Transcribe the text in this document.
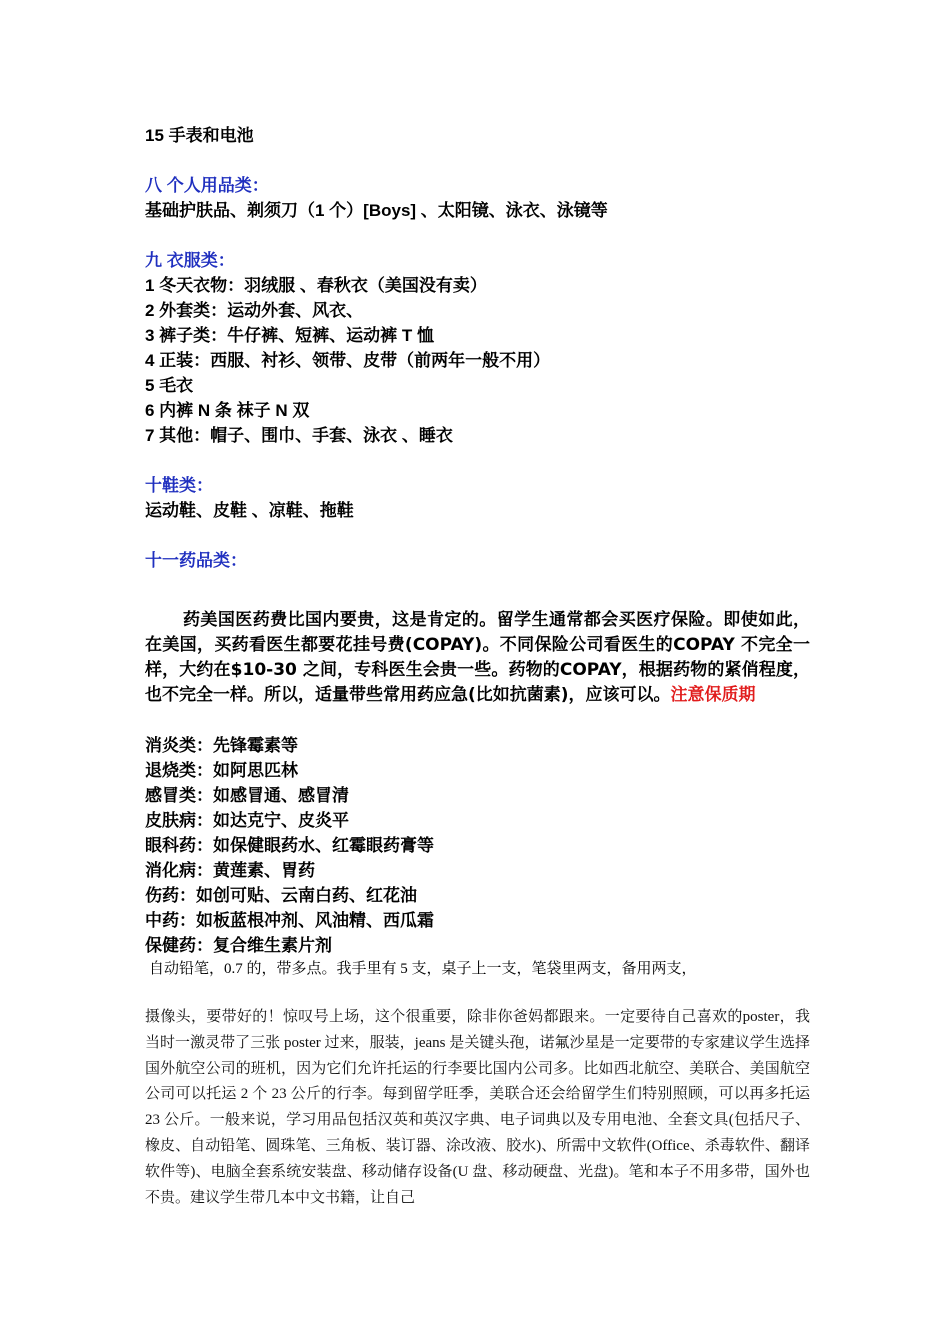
15 手表和电池
八 个人用品类：
基础护肤品、剃须刀（1 个）[Boys] 、太阳镜、泳衣、泳镜等
九 衣服类：
1 冬天衣物：羽绒服 、春秋衣（美国没有卖）
2 外套类：运动外套、风衣、
3 裤子类：牛仔裤、短裤、运动裤 T 恤
4 正装：西服、衬衫、领带、皮带（前两年一般不用）
5 毛衣
6 内裤 N 条 袜子 N 双
7 其他：帽子、围巾、手套、泳衣 、睡衣
十鞋类：
运动鞋、皮鞋 、凉鞋、拖鞋
十一药品类：

药美国医药费比国内要贵，这是肯定的。留学生通常都会买医疗保险。即使如此，在美国，买药看医生都要花挂号费(COPAY)。不同保险公司看医生的COPAY 不完全一样，大约在$10-30 之间，专科医生会贵一些。药物的COPAY，根据药物的紧俏程度，也不完全一样。所以，适量带些常用药应急(比如抗菌素)，应该可以。注意保质期

消炎类：先锋霉素等
退烧类：如阿思匹林
感冒类：如感冒通、感冒清
皮肤病：如达克宁、皮炎平
眼科药：如保健眼药水、红霉眼药膏等
消化病：黄莲素、胃药
伤药：如创可贴、云南白药、红花油
中药：如板蓝根冲剂、风油精、西瓜霜
保健药：复合维生素片剂
自动铅笔，0.7 的，带多点。我手里有 5 支，桌子上一支，笔袋里两支，备用两支，

摄像头，要带好的！惊叹号上场，这个很重要，除非你爸妈都跟来。一定要待自己喜欢的poster，我当时一激灵带了三张 poster 过来，服装，jeans 是关键头孢，诺氟沙星是一定要带的专家建议学生选择国外航空公司的班机，因为它们允许托运的行李要比国内公司多。比如西北航空、美联合、美国航空公司可以托运 2 个 23 公斤的行李。每到留学旺季，美联合还会给留学生们特别照顾，可以再多托运 23 公斤。一般来说，学习用品包括汉英和英汉字典、电子词典以及专用电池、全套文具(包括尺子、橡皮、自动铅笔、圆珠笔、三角板、装订器、涂改液、胶水)、所需中文软件(Office、杀毒软件、翻译软件等)、电脑全套系统安装盘、移动储存设备(U 盘、移动硬盘、光盘)。笔和本子不用多带，国外也不贵。建议学生带几本中文书籍，让自己
